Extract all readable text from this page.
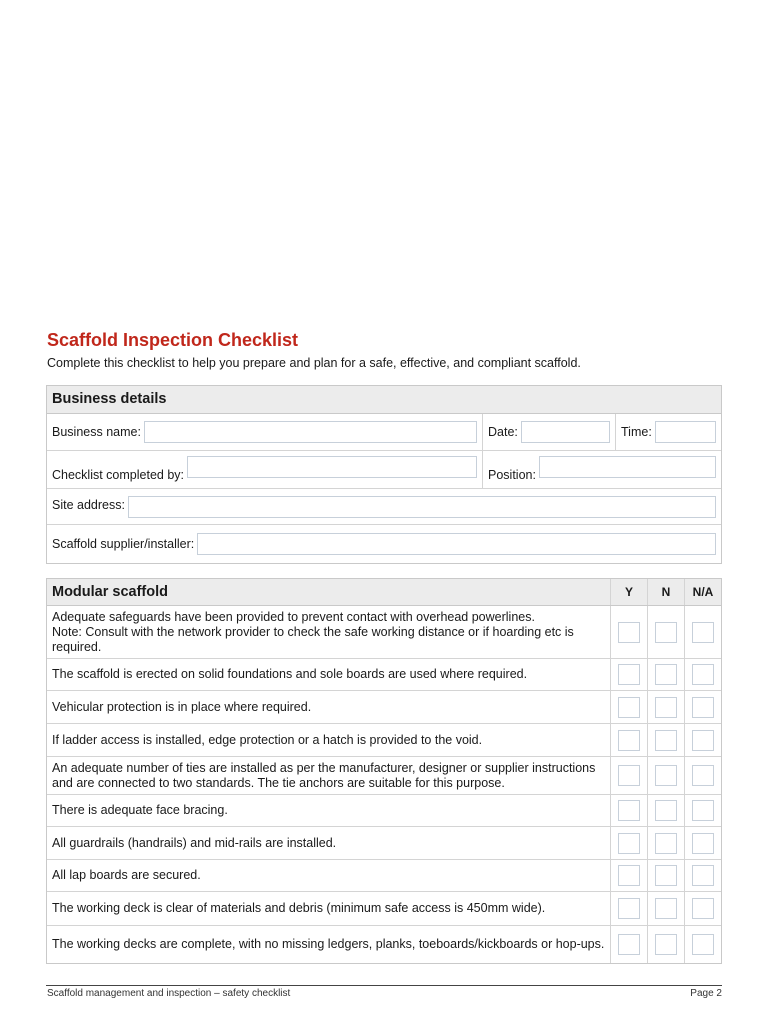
Scaffold Inspection Checklist

Complete this checklist to help you prepare and plan for a safe, effective, and compliant scaffold.

Business details
Business name:	Date:	Time:
Checklist completed by:	Position:
Site address:
Scaffold supplier/installer:
Modular scaffold	Y N N/A
Adequate safeguards have been provided to prevent contact with overhead powerlines.
Note: Consult with the network provider to check the safe working distance or if hoarding etc is required.
The scaffold is erected on solid foundations and sole boards are used where required.
Vehicular protection is in place where required.
If ladder access is installed, edge protection or a hatch is provided to the void.
An adequate number of ties are installed as per the manufacturer, designer or supplier instructions and are connected to two standards. The tie anchors are suitable for this purpose.
There is adequate face bracing.
All guardrails (handrails) and mid-rails are installed.
All lap boards are secured.
The working deck is clear of materials and debris (minimum safe access is 450mm wide).
The working decks are complete, with no missing ledgers, planks, toeboards/kickboards or hop-ups.
Scaffold management and inspection – safety checklist	Page 2
